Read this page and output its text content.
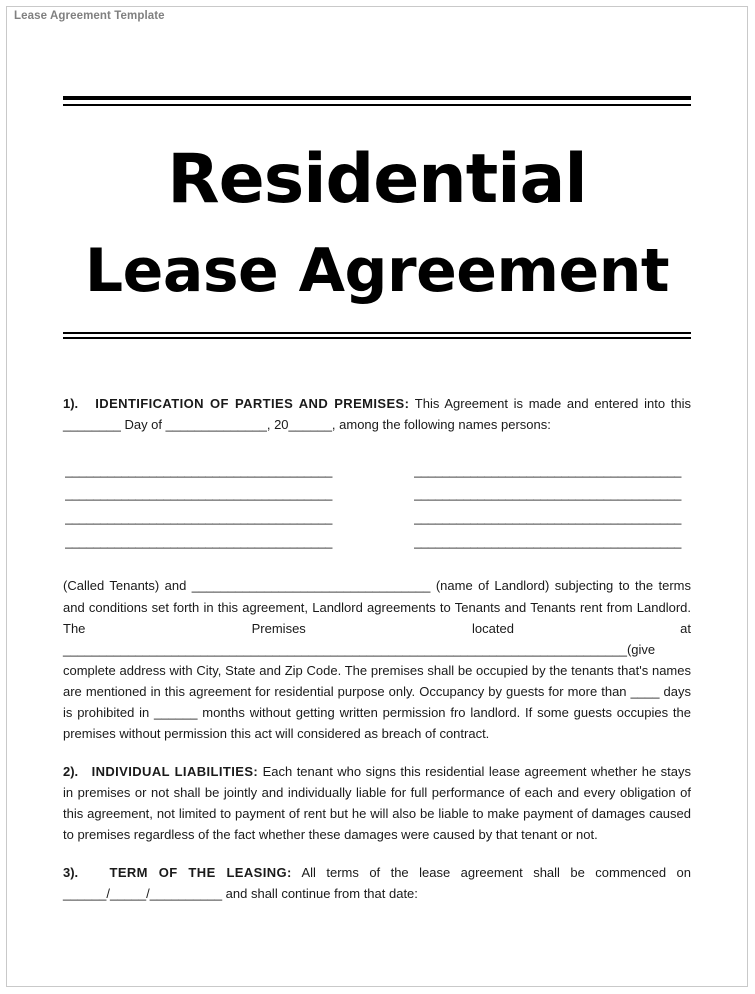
Lease Agreement Template
Residential
Lease Agreement

1). IDENTIFICATION OF PARTIES AND PREMISES: This Agreement is made and entered into this ________ Day of ______________, 20______, among the following names persons:

______________________________________
______________________________________
______________________________________
______________________________________
______________________________________
______________________________________
______________________________________
______________________________________

(Called Tenants) and _________________________________ (name of Landlord) subjecting to the terms and conditions set forth in this agreement, Landlord agreements to Tenants and Tenants rent from Landlord. The Premises located at ______________________________________________________________________________(give complete address with City, State and Zip Code. The premises shall be occupied by the tenants that's names are mentioned in this agreement for residential purpose only. Occupancy by guests for more than ____ days is prohibited in ______ months without getting written permission fro landlord. If some guests occupies the premises without permission this act will considered as breach of contract.

2). INDIVIDUAL LIABILITIES: Each tenant who signs this residential lease agreement whether he stays in premises or not shall be jointly and individually liable for full performance of each and every obligation of this agreement, not limited to payment of rent but he will also be liable to make payment of damages caused to premises regardless of the fact whether these damages were caused by that tenant or not.

3). TERM OF THE LEASING: All terms of the lease agreement shall be commenced on ______/_____/__________ and shall continue from that date:
